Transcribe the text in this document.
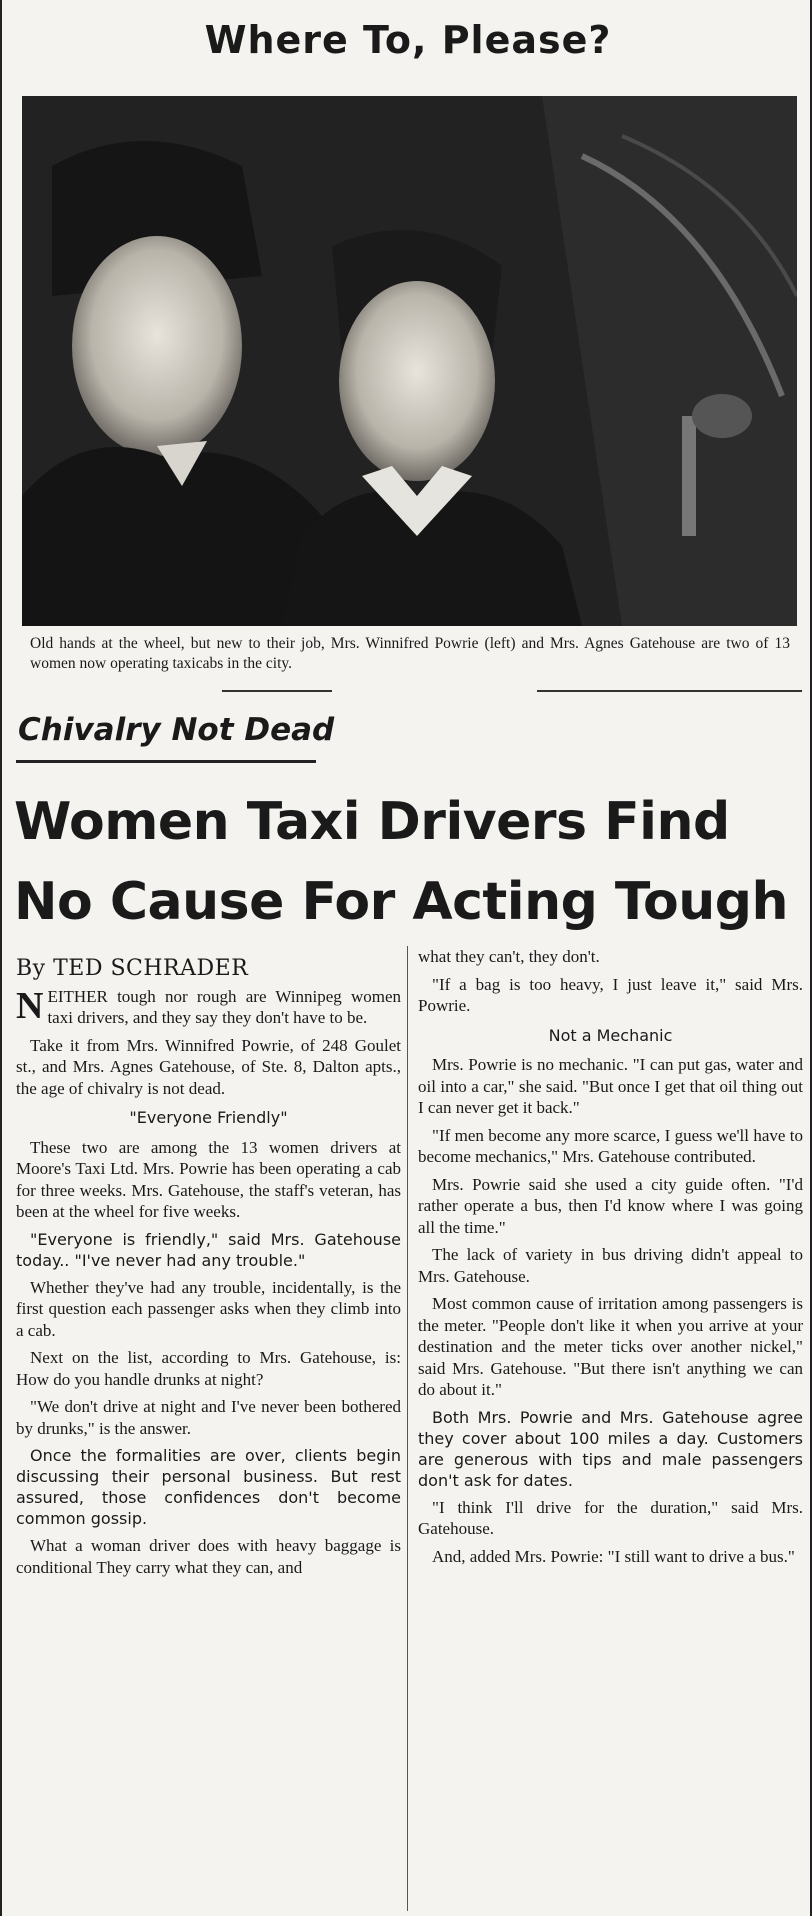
Where To, Please?
Old hands at the wheel, but new to their job, Mrs. Winnifred Powrie (left) and Mrs. Agnes Gatehouse are two of 13 women now operating taxicabs in the city.
Chivalry Not Dead
Women Taxi Drivers Find
No Cause For Acting Tough
By TED SCHRADER

NEITHER tough nor rough are Winnipeg women taxi drivers, and they say they don't have to be.

Take it from Mrs. Winnifred Powrie, of 248 Goulet st., and Mrs. Agnes Gatehouse, of Ste. 8, Dalton apts., the age of chivalry is not dead.

"Everyone Friendly"

These two are among the 13 women drivers at Moore's Taxi Ltd. Mrs. Powrie has been operating a cab for three weeks. Mrs. Gatehouse, the staff's veteran, has been at the wheel for five weeks.

"Everyone is friendly," said Mrs. Gatehouse today.. "I've never had any trouble."

Whether they've had any trouble, incidentally, is the first question each passenger asks when they climb into a cab.

Next on the list, according to Mrs. Gatehouse, is: How do you handle drunks at night?

"We don't drive at night and I've never been bothered by drunks," is the answer.

Once the formalities are over, clients begin discussing their personal business. But rest assured, those confidences don't become common gossip.

What a woman driver does with heavy baggage is conditional They carry what they can, and

what they can't, they don't.

"If a bag is too heavy, I just leave it," said Mrs. Powrie.

Not a Mechanic

Mrs. Powrie is no mechanic. "I can put gas, water and oil into a car," she said. "But once I get that oil thing out I can never get it back."

"If men become any more scarce, I guess we'll have to become mechanics," Mrs. Gatehouse contributed.

Mrs. Powrie said she used a city guide often. "I'd rather operate a bus, then I'd know where I was going all the time."

The lack of variety in bus driving didn't appeal to Mrs. Gatehouse.

Most common cause of irritation among passengers is the meter. "People don't like it when you arrive at your destination and the meter ticks over another nickel," said Mrs. Gatehouse. "But there isn't anything we can do about it."

Both Mrs. Powrie and Mrs. Gatehouse agree they cover about 100 miles a day. Customers are generous with tips and male passengers don't ask for dates.

"I think I'll drive for the duration," said Mrs. Gatehouse.

And, added Mrs. Powrie: "I still want to drive a bus."
